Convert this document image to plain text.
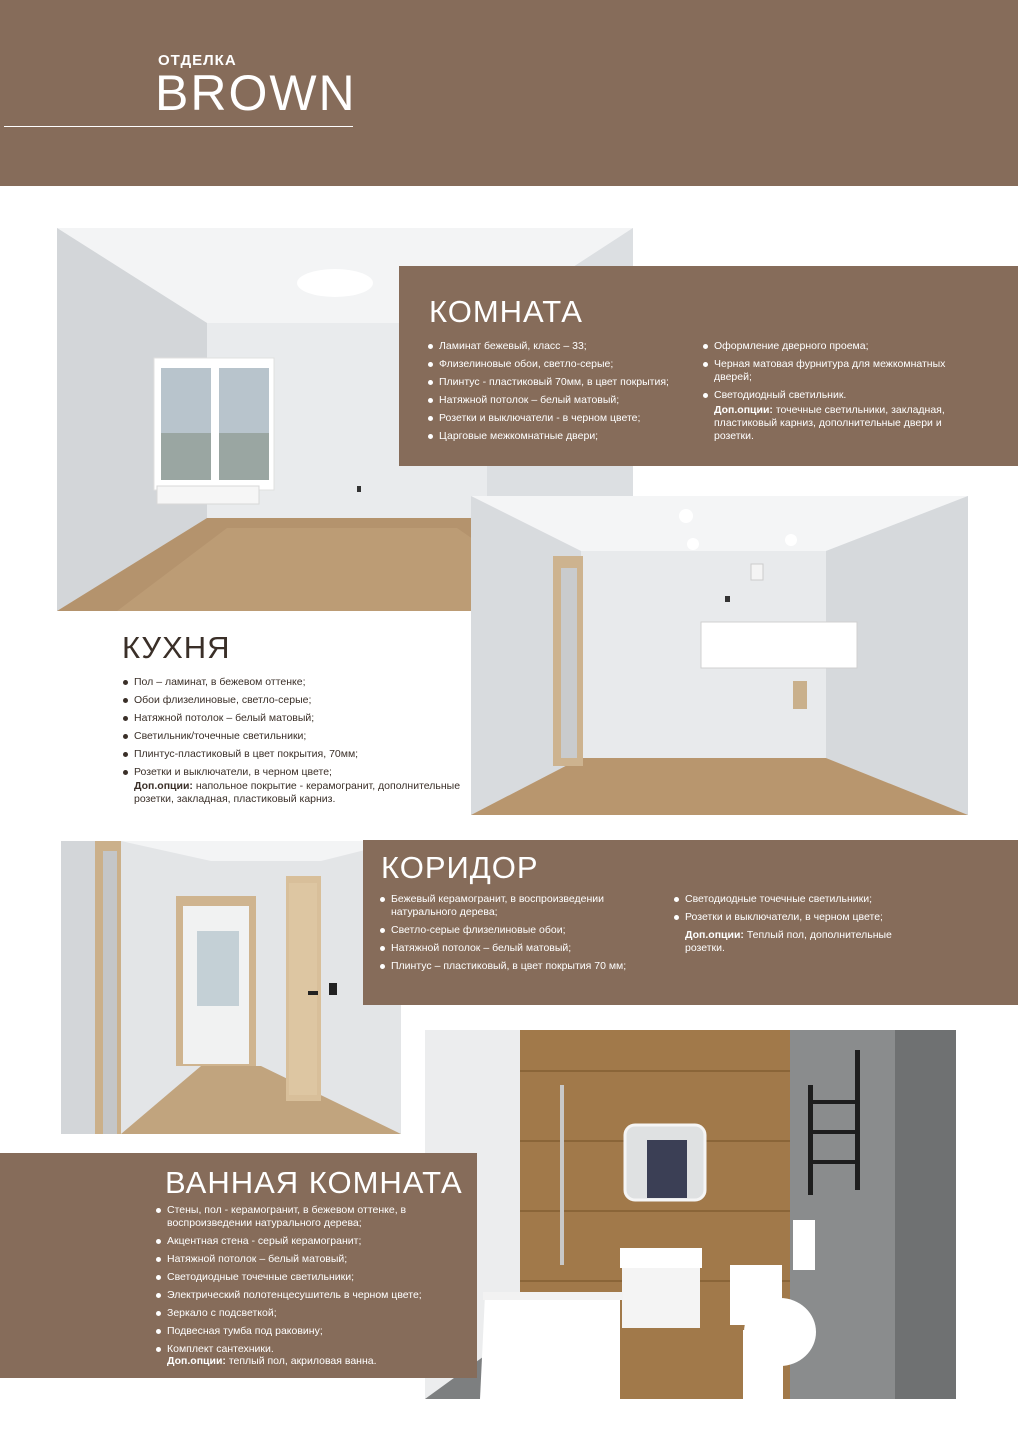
ОТДЕЛКА
BROWN
КОМНАТА
Ламинат бежевый, класс – 33;
Флизелиновые обои, светло-серые;
Плинтус - пластиковый 70мм, в цвет покрытия;
Натяжной потолок – белый матовый;
Розетки и выключатели - в черном цвете;
Царговые межкомнатные двери;
Оформление дверного проема;
Черная матовая фурнитура для межкомнатных дверей;
Светодиодный светильник.
Доп.опции: точечные светильники, закладная, пластиковый карниз, дополнительные двери и розетки.
КУХНЯ
Пол – ламинат, в бежевом оттенке;
Обои флизелиновые, светло-серые;
Натяжной потолок – белый матовый;
Светильник/точечные светильники;
Плинтус-пластиковый в цвет покрытия, 70мм;
Розетки и выключатели, в черном цвете;
Доп.опции: напольное покрытие - керамогранит, дополнительные розетки, закладная, пластиковый карниз.
КОРИДОР
Бежевый керамогранит, в воспроизведении натурального дерева;
Светло-серые флизелиновые обои;
Натяжной потолок – белый матовый;
Плинтус – пластиковый, в цвет покрытия 70 мм;
Светодиодные точечные светильники;
Розетки и выключатели, в черном цвете;
Доп.опции: Теплый пол, дополнительные розетки.
ВАННАЯ КОМНАТА
Стены, пол - керамогранит, в бежевом оттенке, в воспроизведении натурального дерева;
Акцентная стена - серый керамогранит;
Натяжной потолок – белый матовый;
Светодиодные точечные светильники;
Электрический полотенцесушитель в черном цвете;
Зеркало с подсветкой;
Подвесная тумба под раковину;
Комплект сантехники.
Доп.опции: теплый пол, акриловая ванна.
